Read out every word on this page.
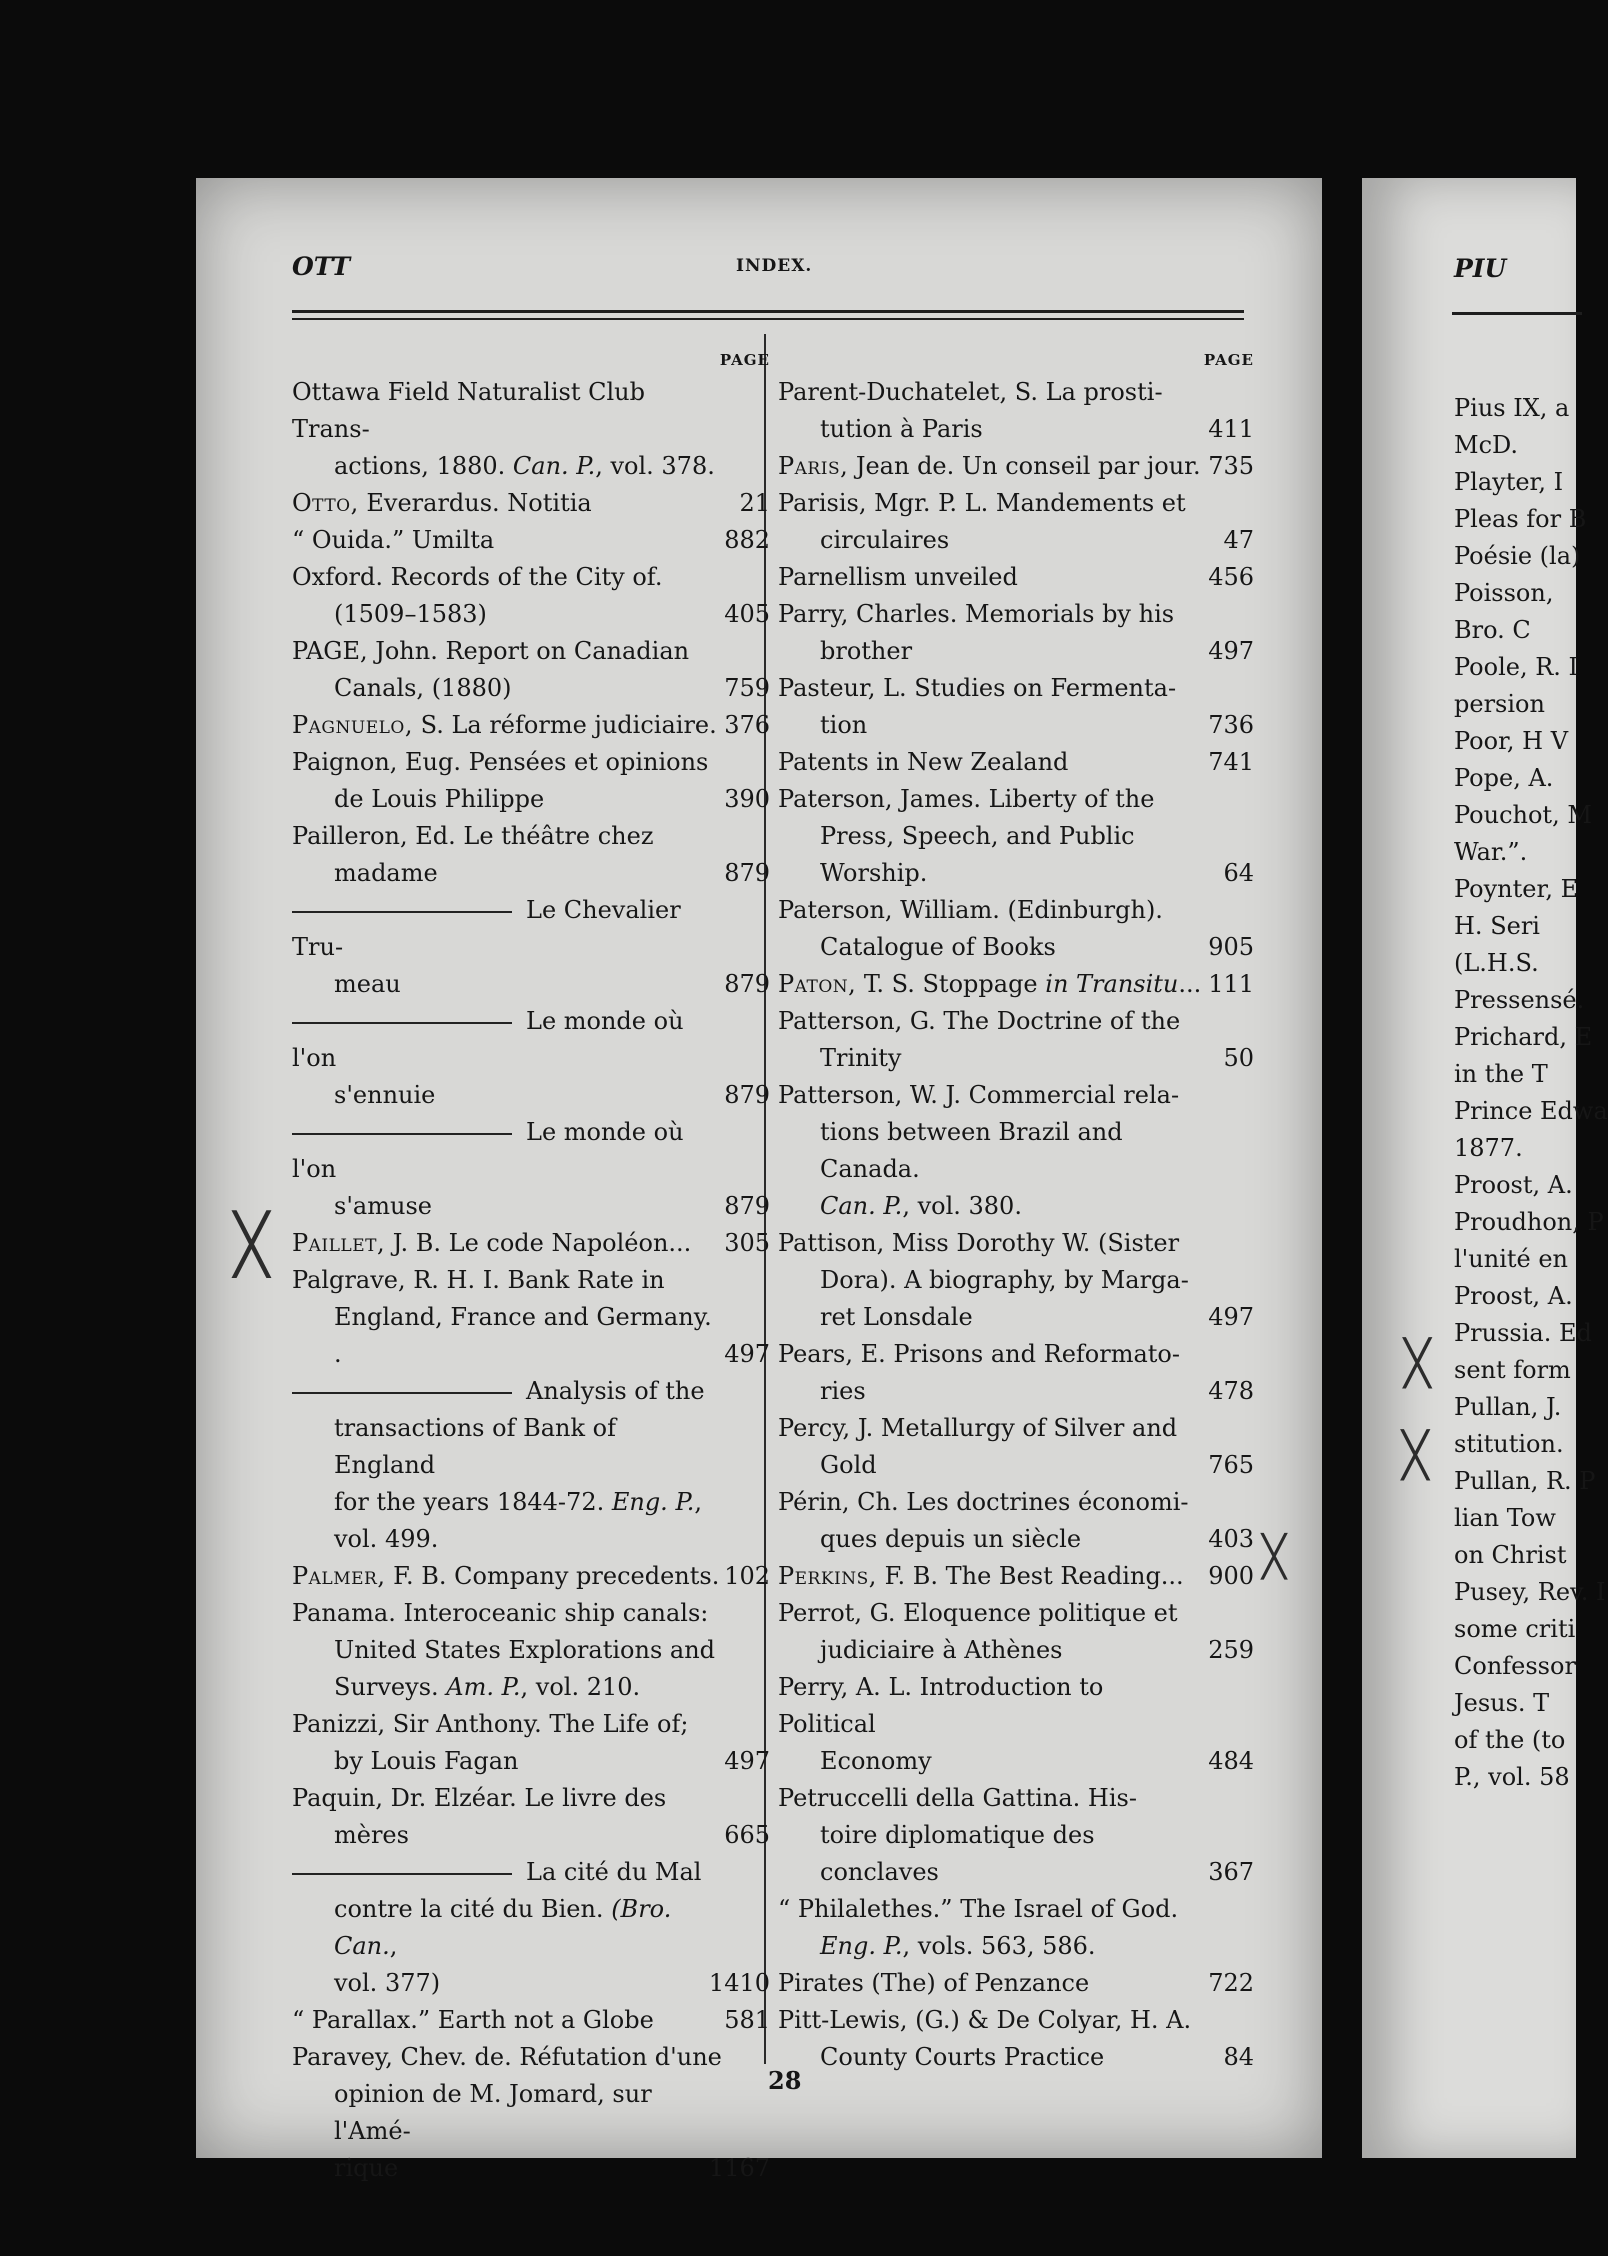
OTT	INDEX.
PAGE
Ottawa Field Naturalist Club Trans-
actions, 1880. Can. P., vol. 378.
Otto, Everardus. Notitia	21
“ Ouida.” Umilta	882
Oxford. Records of the City of.
(1509–1583)	405
PAGE, John. Report on Canadian
Canals, (1880)	759
Pagnuelo, S. La réforme judiciaire. 376
Paignon, Eug. Pensées et opinions
de Louis Philippe	390
Pailleron, Ed. Le théâtre chez
madame	879
Le Chevalier Tru-
meau	879
Le monde où l'on
s'ennuie	879
Le monde où l'on
s'amuse	879
Paillet, J. B. Le code Napoléon... 305
Palgrave, R. H. I. Bank Rate in
England, France and Germany. .	497
Analysis of the
transactions of Bank of England
for the years 1844-72. Eng. P.,
vol. 499.
Palmer, F. B. Company precedents. 102
Panama. Interoceanic ship canals:
United States Explorations and
Surveys. Am. P., vol. 210.
Panizzi, Sir Anthony. The Life of;
by Louis Fagan	497
Paquin, Dr. Elzéar. Le livre des
mères	665
La cité du Mal
contre la cité du Bien. (Bro. Can.,
vol. 377)	1410
“ Parallax.” Earth not a Globe	581
Paravey, Chev. de. Réfutation d'une
opinion de M. Jomard, sur l'Amé-
rique	1167
PAGE
Parent-Duchatelet, S. La prosti-
tution à Paris	411
Paris, Jean de. Un conseil par jour. 735
Parisis, Mgr. P. L. Mandements et
circulaires	47
Parnellism unveiled	456
Parry, Charles. Memorials by his
brother	497
Pasteur, L. Studies on Fermenta-
tion	736
Patents in New Zealand	741
Paterson, James. Liberty of the
Press, Speech, and Public Worship.	64
Paterson, William. (Edinburgh).
Catalogue of Books	905
Paton, T. S. Stoppage in Transitu... 111
Patterson, G. The Doctrine of the
Trinity	50
Patterson, W. J. Commercial rela-
tions between Brazil and Canada.
Can. P., vol. 380.
Pattison, Miss Dorothy W. (Sister
Dora). A biography, by Marga-
ret Lonsdale	497
Pears, E. Prisons and Reformato-
ries	478
Percy, J. Metallurgy of Silver and
Gold	765
Périn, Ch. Les doctrines économi-
ques depuis un siècle	403
Perkins, F. B. The Best Reading... 900
Perrot, G. Eloquence politique et
judiciaire à Athènes	259
Perry, A. L. Introduction to Political
Economy	484
Petruccelli della Gattina. His-
toire diplomatique des conclaves	367
“ Philalethes.” The Israel of God.
Eng. P., vols. 563, 586.
Pirates (The) of Penzance	722
Pitt-Lewis, (G.) & De Colyar, H. A.
County Courts Practice	84
28
╳
╳
PIU
Pius IX, a
McD.
Playter, I
Pleas for B
Poésie (la)
Poisson,
Bro. C
Poole, R. I
persion
Poor, H V
Pope, A.
Pouchot, M
War.”.
Poynter, E
H. Seri
(L.H.S.
Pressensé.
Prichard, E
in the T
Prince Edwa
1877.
Proost, A.
Proudhon, P
l'unité en
Proost, A.
Prussia. Ed
sent form
Pullan, J.
stitution.
Pullan, R. P
lian Tow
on Christ
Pusey, Rev. I
some criti
Confessor
Jesus. T
of the (to
P., vol. 58
╳
╳
